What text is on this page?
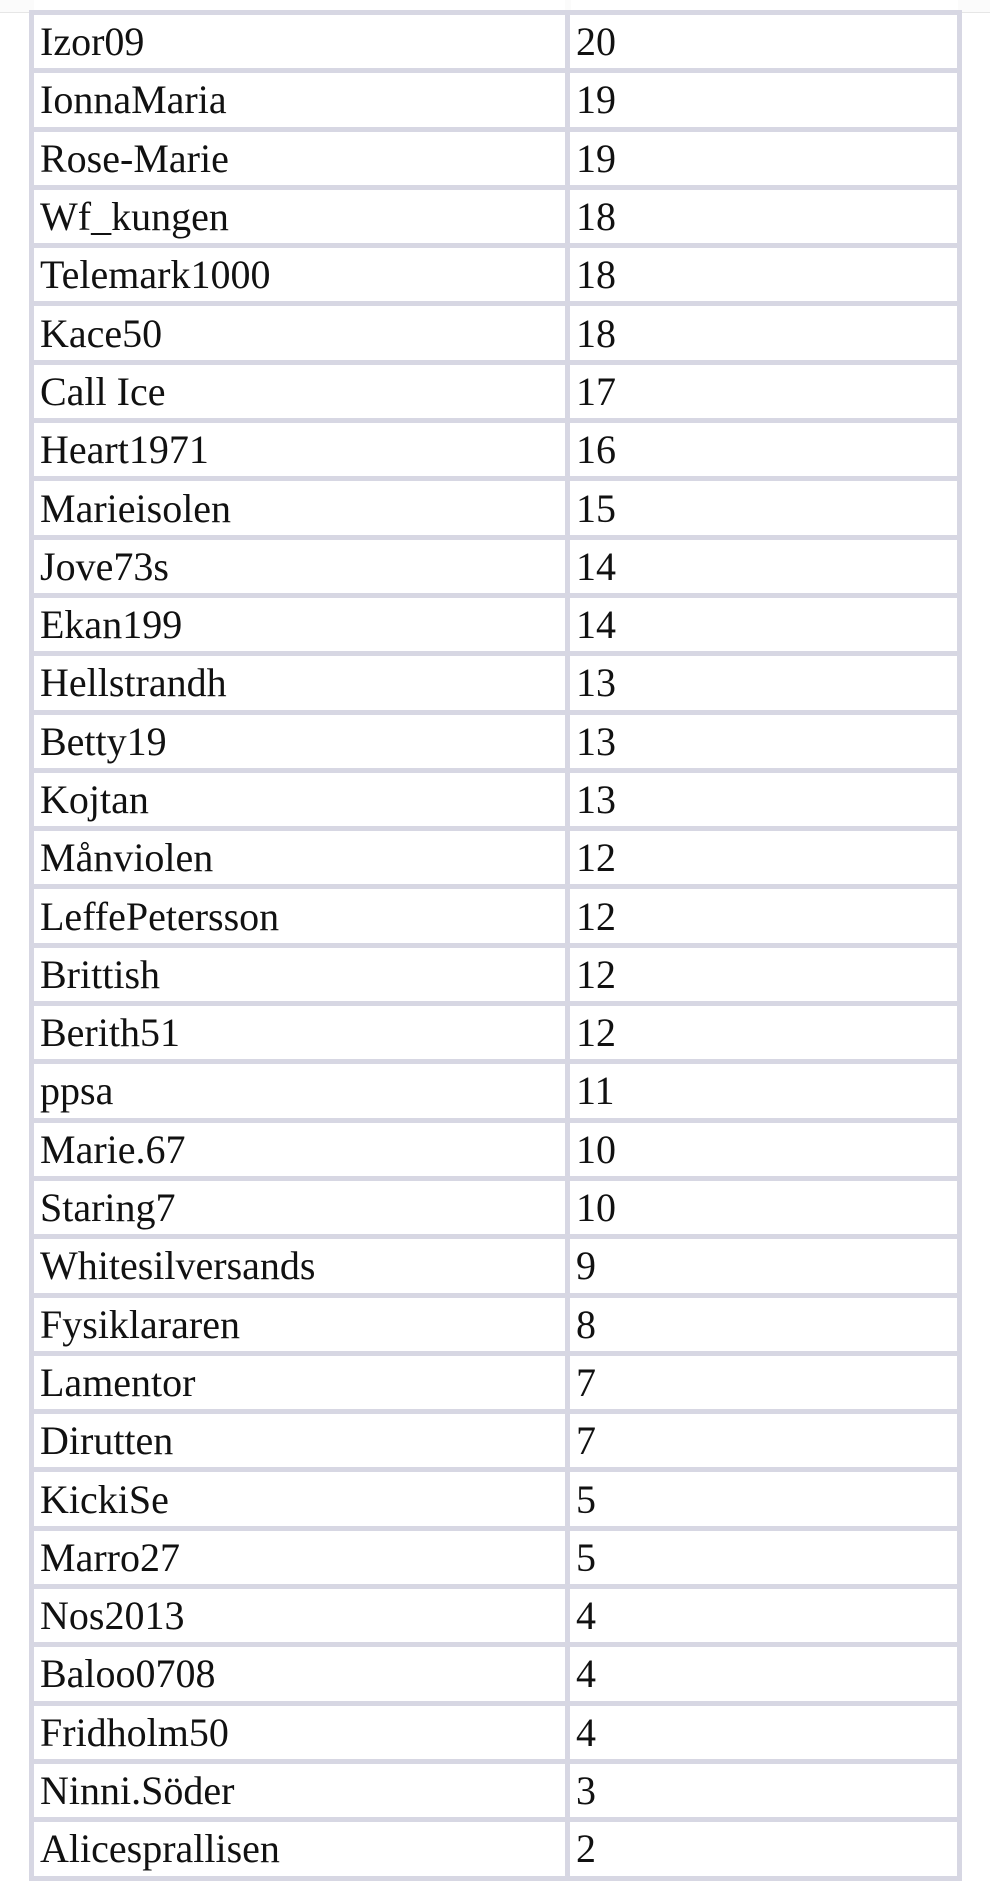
Izor09	20
IonnaMaria	19
Rose-Marie	19
Wf_kungen	18
Telemark1000	18
Kace50	18
Call Ice	17
Heart1971	16
Marieisolen	15
Jove73s	14
Ekan199	14
Hellstrandh	13
Betty19	13
Kojtan	13
Månviolen	12
LeffePetersson	12
Brittish	12
Berith51	12
ppsa	11
Marie.67	10
Staring7	10
Whitesilversands	9
Fysiklararen	8
Lamentor	7
Dirutten	7
KickiSe	5
Marro27	5
Nos2013	4
Baloo0708	4
Fridholm50	4
Ninni.Söder	3
Alicesprallisen	2
